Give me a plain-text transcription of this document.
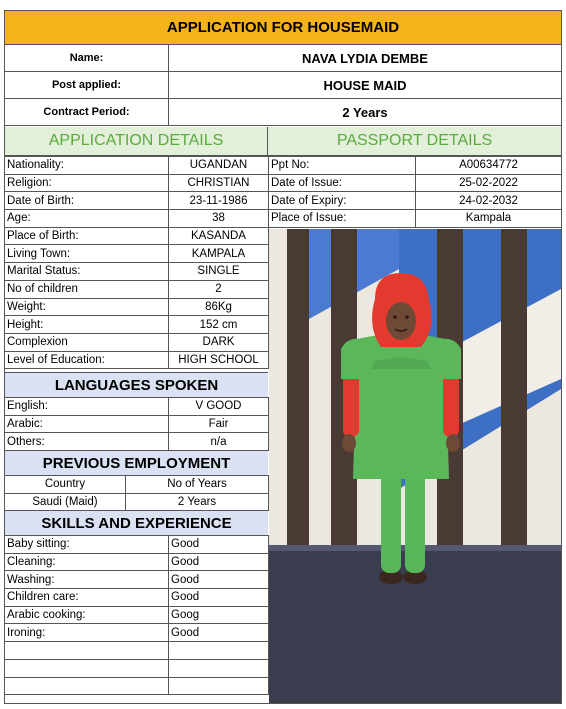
APPLICATION FOR HOUSEMAID
Name:	NAVA LYDIA DEMBE
Post applied:	HOUSE MAID
Contract Period:	2 Years
APPLICATION DETAILS	PASSPORT DETAILS
Nationality:	UGANDAN
Religion:	CHRISTIAN
Date of Birth:	23-11-1986
Age:	38
Place of Birth:	KASANDA
Living Town:	KAMPALA
Marital Status:	SINGLE
No of children	2
Weight:	86Kg
Height:	152 cm
Complexion	DARK
Level of Education:	HIGH SCHOOL
Ppt No:	A00634772
Date of Issue:	25-02-2022
Date of Expiry:	24-02-2032
Place of Issue:	Kampala
LANGUAGES SPOKEN
English:	V GOOD
Arabic:	Fair
Others:	n/a
PREVIOUS EMPLOYMENT
Country	No of Years
Saudi (Maid)	2 Years
SKILLS AND EXPERIENCE
Baby sitting:	Good
Cleaning:	Good
Washing:	Good
Children care:	Good
Arabic cooking:	Goog
Ironing:	Good
